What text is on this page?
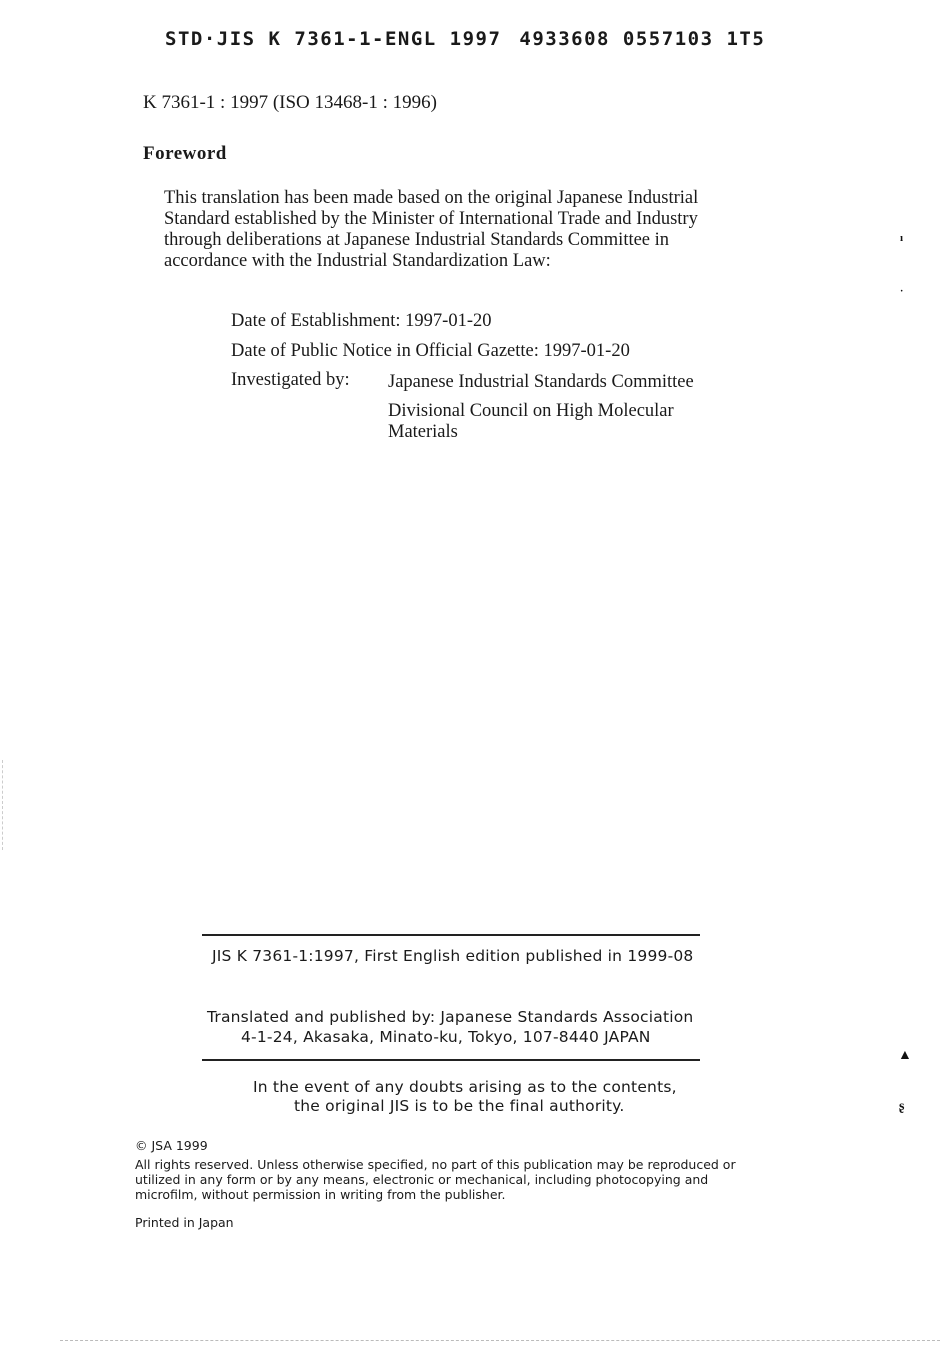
STD·JIS K 7361-1-ENGL 1997 4933608 0557103 1T5
K 7361-1 : 1997 (ISO 13468-1 : 1996)
Foreword
This translation has been made based on the original Japanese Industrial
Standard established by the Minister of International Trade and Industry
through deliberations at Japanese Industrial Standards Committee in
accordance with the Industrial Standardization Law:
Date of Establishment: 1997-01-20
Date of Public Notice in Official Gazette: 1997-01-20
Investigated by: Japanese Industrial Standards Committee
Divisional Council on High Molecular
Materials
JIS K 7361-1:1997, First English edition published in 1999-08
Translated and published by: Japanese Standards Association
4-1-24, Akasaka, Minato-ku, Tokyo, 107-8440 JAPAN
In the event of any doubts arising as to the contents,
the original JIS is to be the final authority.
© JSA 1999
All rights reserved. Unless otherwise specified, no part of this publication may be reproduced or
utilized in any form or by any means, electronic or mechanical, including photocopying and
microfilm, without permission in writing from the publisher.
Printed in Japan
ı
·
▲
ʂ
